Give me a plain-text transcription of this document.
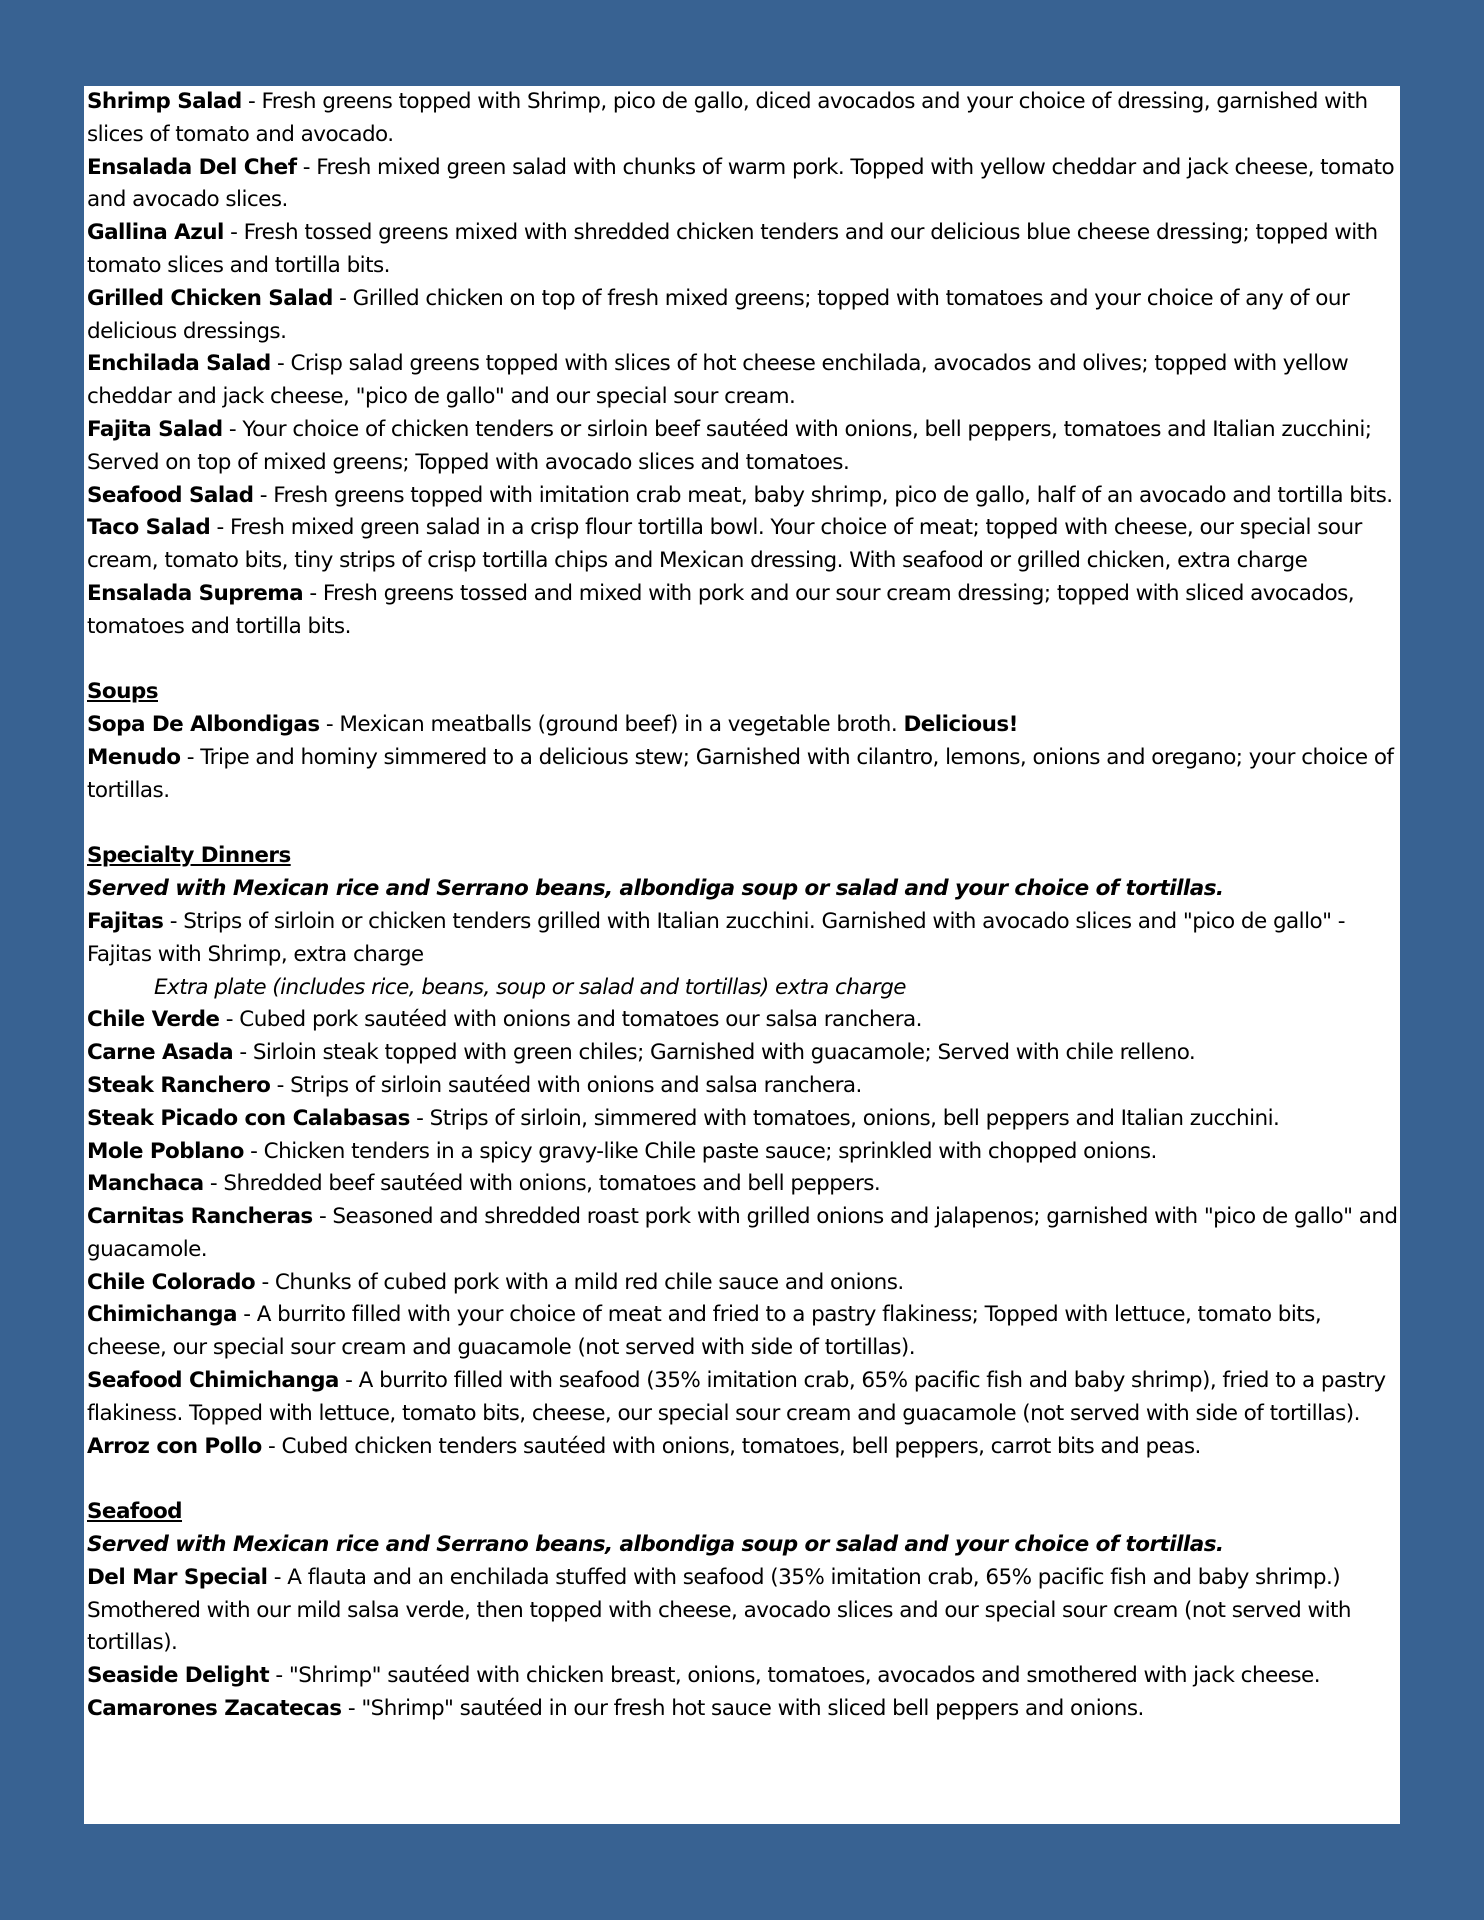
Shrimp Salad - Fresh greens topped with Shrimp, pico de gallo, diced avocados and your choice of dressing, garnished with slices of tomato and avocado.

Ensalada Del Chef - Fresh mixed green salad with chunks of warm pork. Topped with yellow cheddar and jack cheese, tomato and avocado slices.

Gallina Azul - Fresh tossed greens mixed with shredded chicken tenders and our delicious blue cheese dressing; topped with tomato slices and tortilla bits.

Grilled Chicken Salad - Grilled chicken on top of fresh mixed greens; topped with tomatoes and your choice of any of our delicious dressings.

Enchilada Salad - Crisp salad greens topped with slices of hot cheese enchilada, avocados and olives; topped with yellow cheddar and jack cheese, "pico de gallo" and our special sour cream.

Fajita Salad - Your choice of chicken tenders or sirloin beef sautéed with onions, bell peppers, tomatoes and Italian zucchini; Served on top of mixed greens; Topped with avocado slices and tomatoes.

Seafood Salad - Fresh greens topped with imitation crab meat, baby shrimp, pico de gallo, half of an avocado and tortilla bits.

Taco Salad - Fresh mixed green salad in a crisp flour tortilla bowl. Your choice of meat; topped with cheese, our special sour cream, tomato bits, tiny strips of crisp tortilla chips and Mexican dressing. With seafood or grilled chicken, extra charge

Ensalada Suprema - Fresh greens tossed and mixed with pork and our sour cream dressing; topped with sliced avocados, tomatoes and tortilla bits.

Soups

Sopa De Albondigas - Mexican meatballs (ground beef) in a vegetable broth. Delicious!

Menudo - Tripe and hominy simmered to a delicious stew; Garnished with cilantro, lemons, onions and oregano; your choice of tortillas.

Specialty Dinners

Served with Mexican rice and Serrano beans, albondiga soup or salad and your choice of tortillas.

Fajitas - Strips of sirloin or chicken tenders grilled with Italian zucchini. Garnished with avocado slices and "pico de gallo" - Fajitas with Shrimp, extra charge

Extra plate (includes rice, beans, soup or salad and tortillas) extra charge

Chile Verde - Cubed pork sautéed with onions and tomatoes our salsa ranchera.

Carne Asada - Sirloin steak topped with green chiles; Garnished with guacamole; Served with chile relleno.

Steak Ranchero - Strips of sirloin sautéed with onions and salsa ranchera.

Steak Picado con Calabasas - Strips of sirloin, simmered with tomatoes, onions, bell peppers and Italian zucchini.

Mole Poblano - Chicken tenders in a spicy gravy-like Chile paste sauce; sprinkled with chopped onions.

Manchaca - Shredded beef sautéed with onions, tomatoes and bell peppers.

Carnitas Rancheras - Seasoned and shredded roast pork with grilled onions and jalapenos; garnished with "pico de gallo" and guacamole.

Chile Colorado - Chunks of cubed pork with a mild red chile sauce and onions.

Chimichanga - A burrito filled with your choice of meat and fried to a pastry flakiness; Topped with lettuce, tomato bits, cheese, our special sour cream and guacamole (not served with side of tortillas).

Seafood Chimichanga - A burrito filled with seafood (35% imitation crab, 65% pacific fish and baby shrimp), fried to a pastry flakiness. Topped with lettuce, tomato bits, cheese, our special sour cream and guacamole (not served with side of tortillas).

Arroz con Pollo - Cubed chicken tenders sautéed with onions, tomatoes, bell peppers, carrot bits and peas.

Seafood

Served with Mexican rice and Serrano beans, albondiga soup or salad and your choice of tortillas.

Del Mar Special - A flauta and an enchilada stuffed with seafood (35% imitation crab, 65% pacific fish and baby shrimp.) Smothered with our mild salsa verde, then topped with cheese, avocado slices and our special sour cream (not served with tortillas).

Seaside Delight - "Shrimp" sautéed with chicken breast, onions, tomatoes, avocados and smothered with jack cheese.

Camarones Zacatecas - "Shrimp" sautéed in our fresh hot sauce with sliced bell peppers and onions.
